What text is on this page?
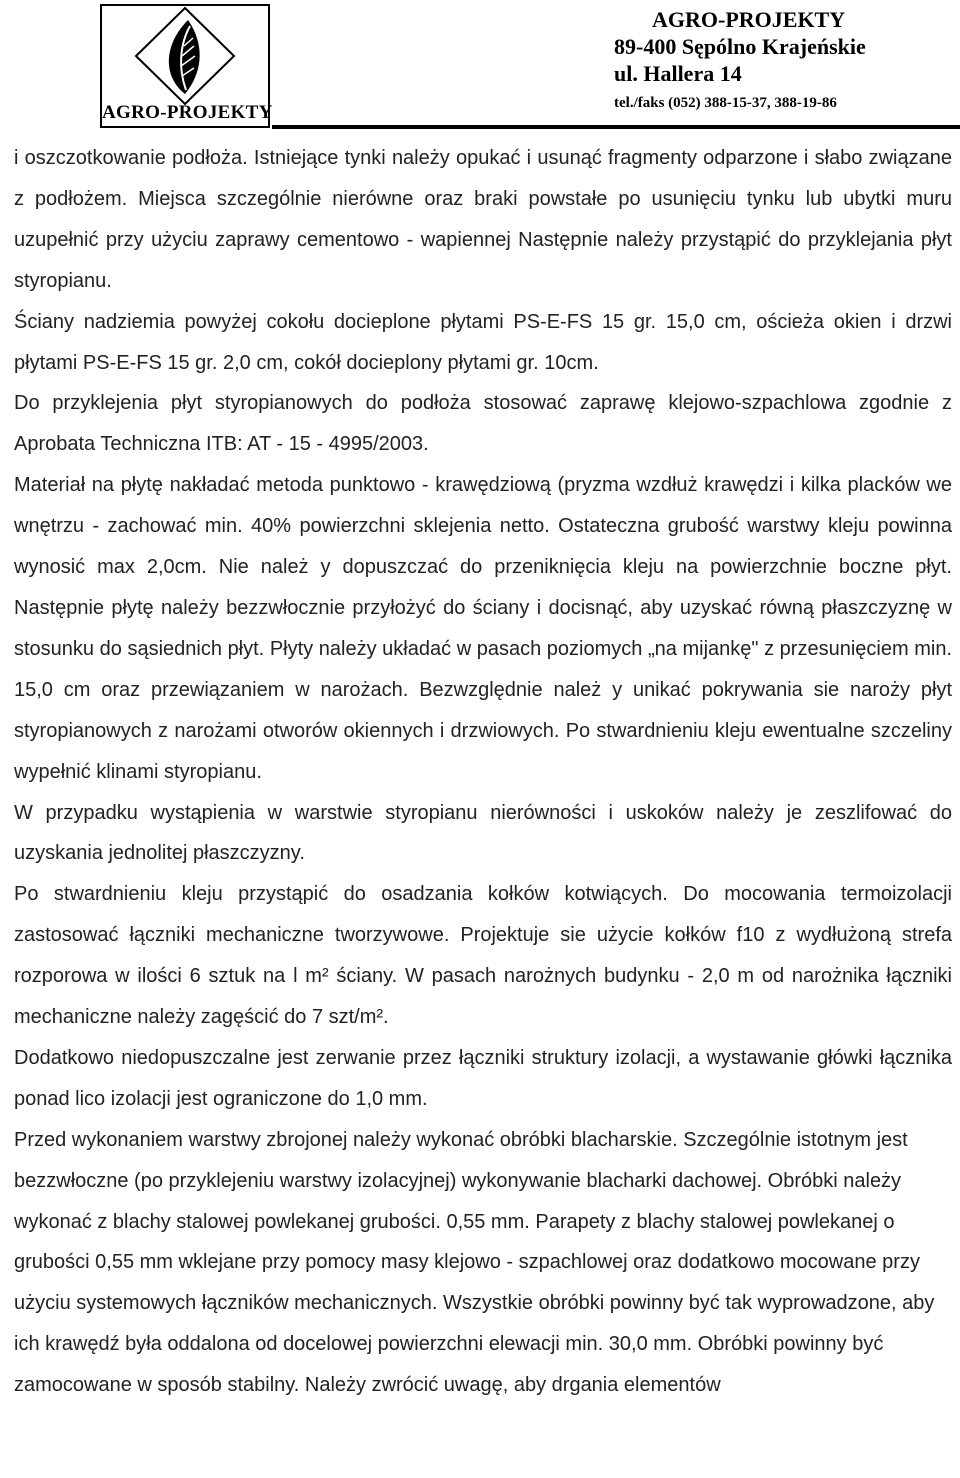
AGRO-PROJEKTY
AGRO-PROJEKTY
89-400 Sępólno Krajeńskie
ul. Hallera 14
tel./faks (052) 388-15-37, 388-19-86

i oszczotkowanie podłoża. Istniejące tynki należy opukać i usunąć fragmenty odparzone i słabo związane z podłożem. Miejsca szczególnie nierówne oraz braki powstałe po usunięciu tynku lub ubytki muru uzupełnić przy użyciu zaprawy cementowo - wapiennej Następnie należy przystąpić do przyklejania płyt styropianu.

Ściany nadziemia powyżej cokołu docieplone płytami PS-E-FS 15 gr. 15,0 cm, ościeża okien i drzwi płytami PS-E-FS 15 gr. 2,0 cm, cokół docieplony płytami gr. 10cm.

Do przyklejenia płyt styropianowych do podłoża stosować zaprawę klejowo-szpachlowa zgodnie z Aprobata Techniczna ITB: AT - 15 - 4995/2003.

Materiał na płytę nakładać metoda punktowo - krawędziową (pryzma wzdłuż krawędzi i kilka placków we wnętrzu - zachować min. 40% powierzchni sklejenia netto. Ostateczna grubość warstwy kleju powinna wynosić max 2,0cm. Nie należ y dopuszczać do przeniknięcia kleju na powierzchnie boczne płyt. Następnie płytę należy bezzwłocznie przyłożyć do ściany i docisnąć, aby uzyskać równą płaszczyznę w stosunku do sąsiednich płyt. Płyty należy układać w pasach poziomych „na mijankę" z przesunięciem min. 15,0 cm oraz przewiązaniem w narożach. Bezwzględnie należ y unikać pokrywania sie naroży płyt styropianowych z narożami otworów okiennych i drzwiowych. Po stwardnieniu kleju ewentualne szczeliny wypełnić klinami styropianu.

W przypadku wystąpienia w warstwie styropianu nierówności i uskoków należy je zeszlifować do uzyskania jednolitej płaszczyzny.

Po stwardnieniu kleju przystąpić do osadzania kołków kotwiących. Do mocowania termoizolacji zastosować łączniki mechaniczne tworzywowe. Projektuje sie użycie kołków f10 z wydłużoną strefa rozporowa w ilości 6 sztuk na l m² ściany. W pasach narożnych budynku - 2,0 m od narożnika łączniki mechaniczne należy zagęścić do 7 szt/m².

Dodatkowo niedopuszczalne jest zerwanie przez łączniki struktury izolacji, a wystawanie główki łącznika ponad lico izolacji jest ograniczone do 1,0 mm.

Przed wykonaniem warstwy zbrojonej należy wykonać obróbki blacharskie. Szczególnie istotnym jest bezzwłoczne (po przyklejeniu warstwy izolacyjnej) wykonywanie blacharki dachowej. Obróbki należy wykonać z blachy stalowej powlekanej grubości. 0,55 mm. Parapety z blachy stalowej powlekanej o grubości 0,55 mm wklejane przy pomocy masy klejowo - szpachlowej oraz dodatkowo mocowane przy użyciu systemowych łączników mechanicznych. Wszystkie obróbki powinny być tak wyprowadzone, aby ich krawędź była oddalona od docelowej powierzchni elewacji min. 30,0 mm. Obróbki powinny być zamocowane w sposób stabilny. Należy zwrócić uwagę, aby drgania elementów
